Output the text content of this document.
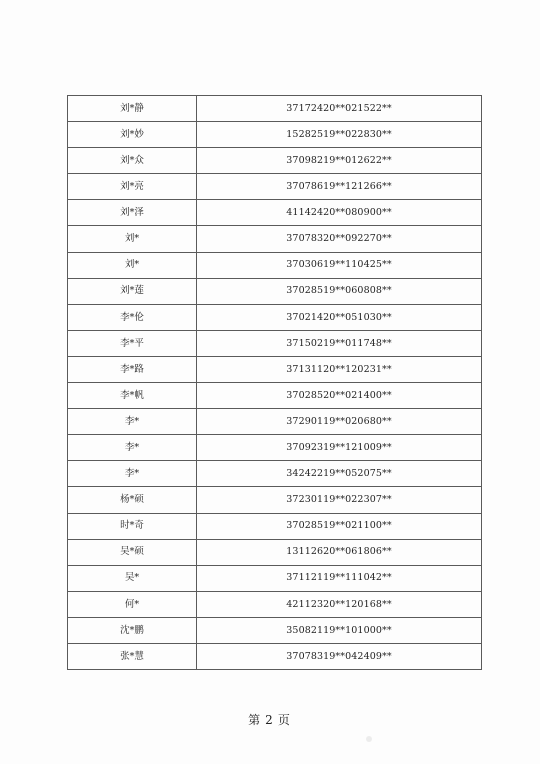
刘*静	37172420**021522**
刘*妙	15282519**022830**
刘*众	37098219**012622**
刘*亮	37078619**121266**
刘*泽	41142420**080900**
刘*	37078320**092270**
刘*	37030619**110425**
刘*莲	37028519**060808**
李*伦	37021420**051030**
李*平	37150219**011748**
李*路	37131120**120231**
李*帆	37028520**021400**
李*	37290119**020680**
李*	37092319**121009**
李*	34242219**052075**
杨*硕	37230119**022307**
时*奇	37028519**021100**
吴*硕	13112620**061806**
吴*	37112119**111042**
何*	42112320**120168**
沈*鹏	35082119**101000**
张*慧	37078319**042409**
第 2 页
